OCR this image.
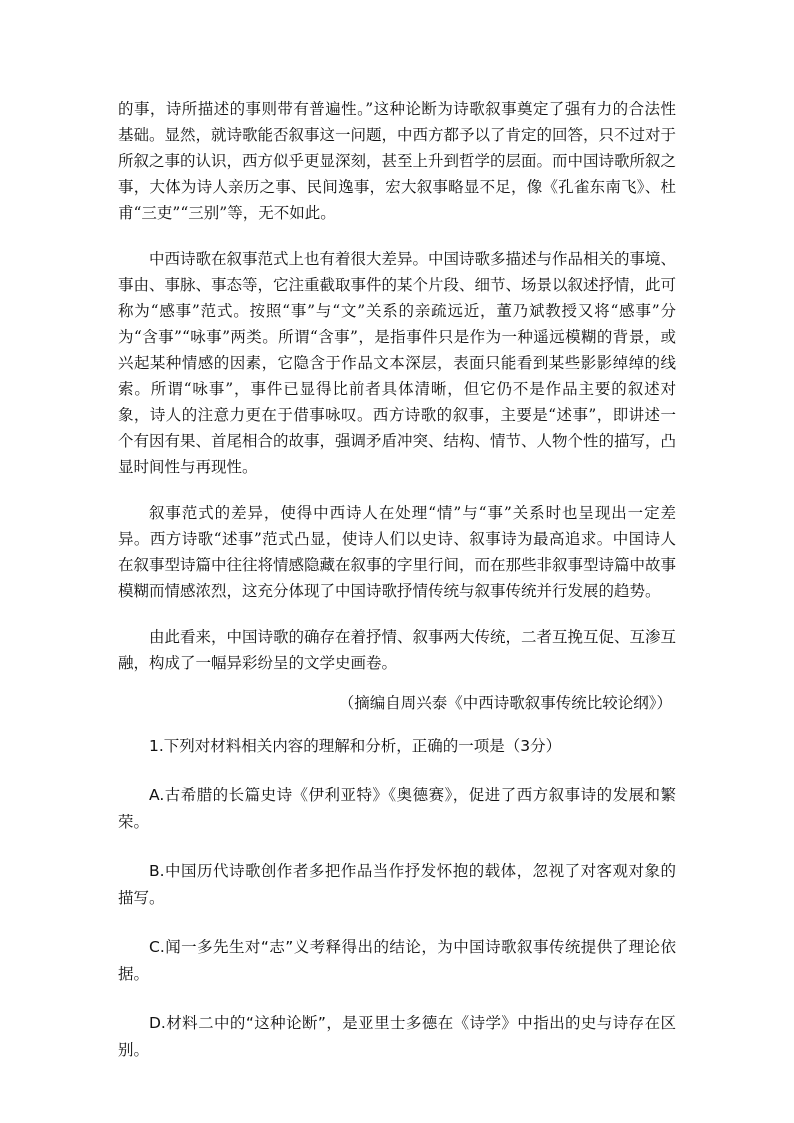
的事，诗所描述的事则带有普遍性。”这种论断为诗歌叙事奠定了强有力的合法性基础。显然，就诗歌能否叙事这一问题，中西方都予以了肯定的回答，只不过对于所叙之事的认识，西方似乎更显深刻，甚至上升到哲学的层面。而中国诗歌所叙之事，大体为诗人亲历之事、民间逸事，宏大叙事略显不足，像《孔雀东南飞》、杜甫“三吏”“三别”等，无不如此。

中西诗歌在叙事范式上也有着很大差异。中国诗歌多描述与作品相关的事境、事由、事脉、事态等，它注重截取事件的某个片段、细节、场景以叙述抒情，此可称为“感事”范式。按照“事”与“文”关系的亲疏远近，董乃斌教授又将“感事”分为“含事”“咏事”两类。所谓“含事”，是指事件只是作为一种遥远模糊的背景，或兴起某种情感的因素，它隐含于作品文本深层，表面只能看到某些影影绰绰的线索。所谓“咏事”，事件已显得比前者具体清晰，但它仍不是作品主要的叙述对象，诗人的注意力更在于借事咏叹。西方诗歌的叙事，主要是“述事”，即讲述一个有因有果、首尾相合的故事，强调矛盾冲突、结构、情节、人物个性的描写，凸显时间性与再现性。

叙事范式的差异，使得中西诗人在处理“情”与“事”关系时也呈现出一定差异。西方诗歌“述事”范式凸显，使诗人们以史诗、叙事诗为最高追求。中国诗人在叙事型诗篇中往往将情感隐藏在叙事的字里行间，而在那些非叙事型诗篇中故事模糊而情感浓烈，这充分体现了中国诗歌抒情传统与叙事传统并行发展的趋势。

由此看来，中国诗歌的确存在着抒情、叙事两大传统，二者互挽互促、互渗互融，构成了一幅异彩纷呈的文学史画卷。

（摘编自周兴泰《中西诗歌叙事传统比较论纲》）

1.下列对材料相关内容的理解和分析，正确的一项是（3分）

A.古希腊的长篇史诗《伊利亚特》《奥德赛》，促进了西方叙事诗的发展和繁荣。

B.中国历代诗歌创作者多把作品当作抒发怀抱的载体，忽视了对客观对象的描写。

C.闻一多先生对“志”义考释得出的结论，为中国诗歌叙事传统提供了理论依据。

D.材料二中的“这种论断”，是亚里士多德在《诗学》中指出的史与诗存在区别。
